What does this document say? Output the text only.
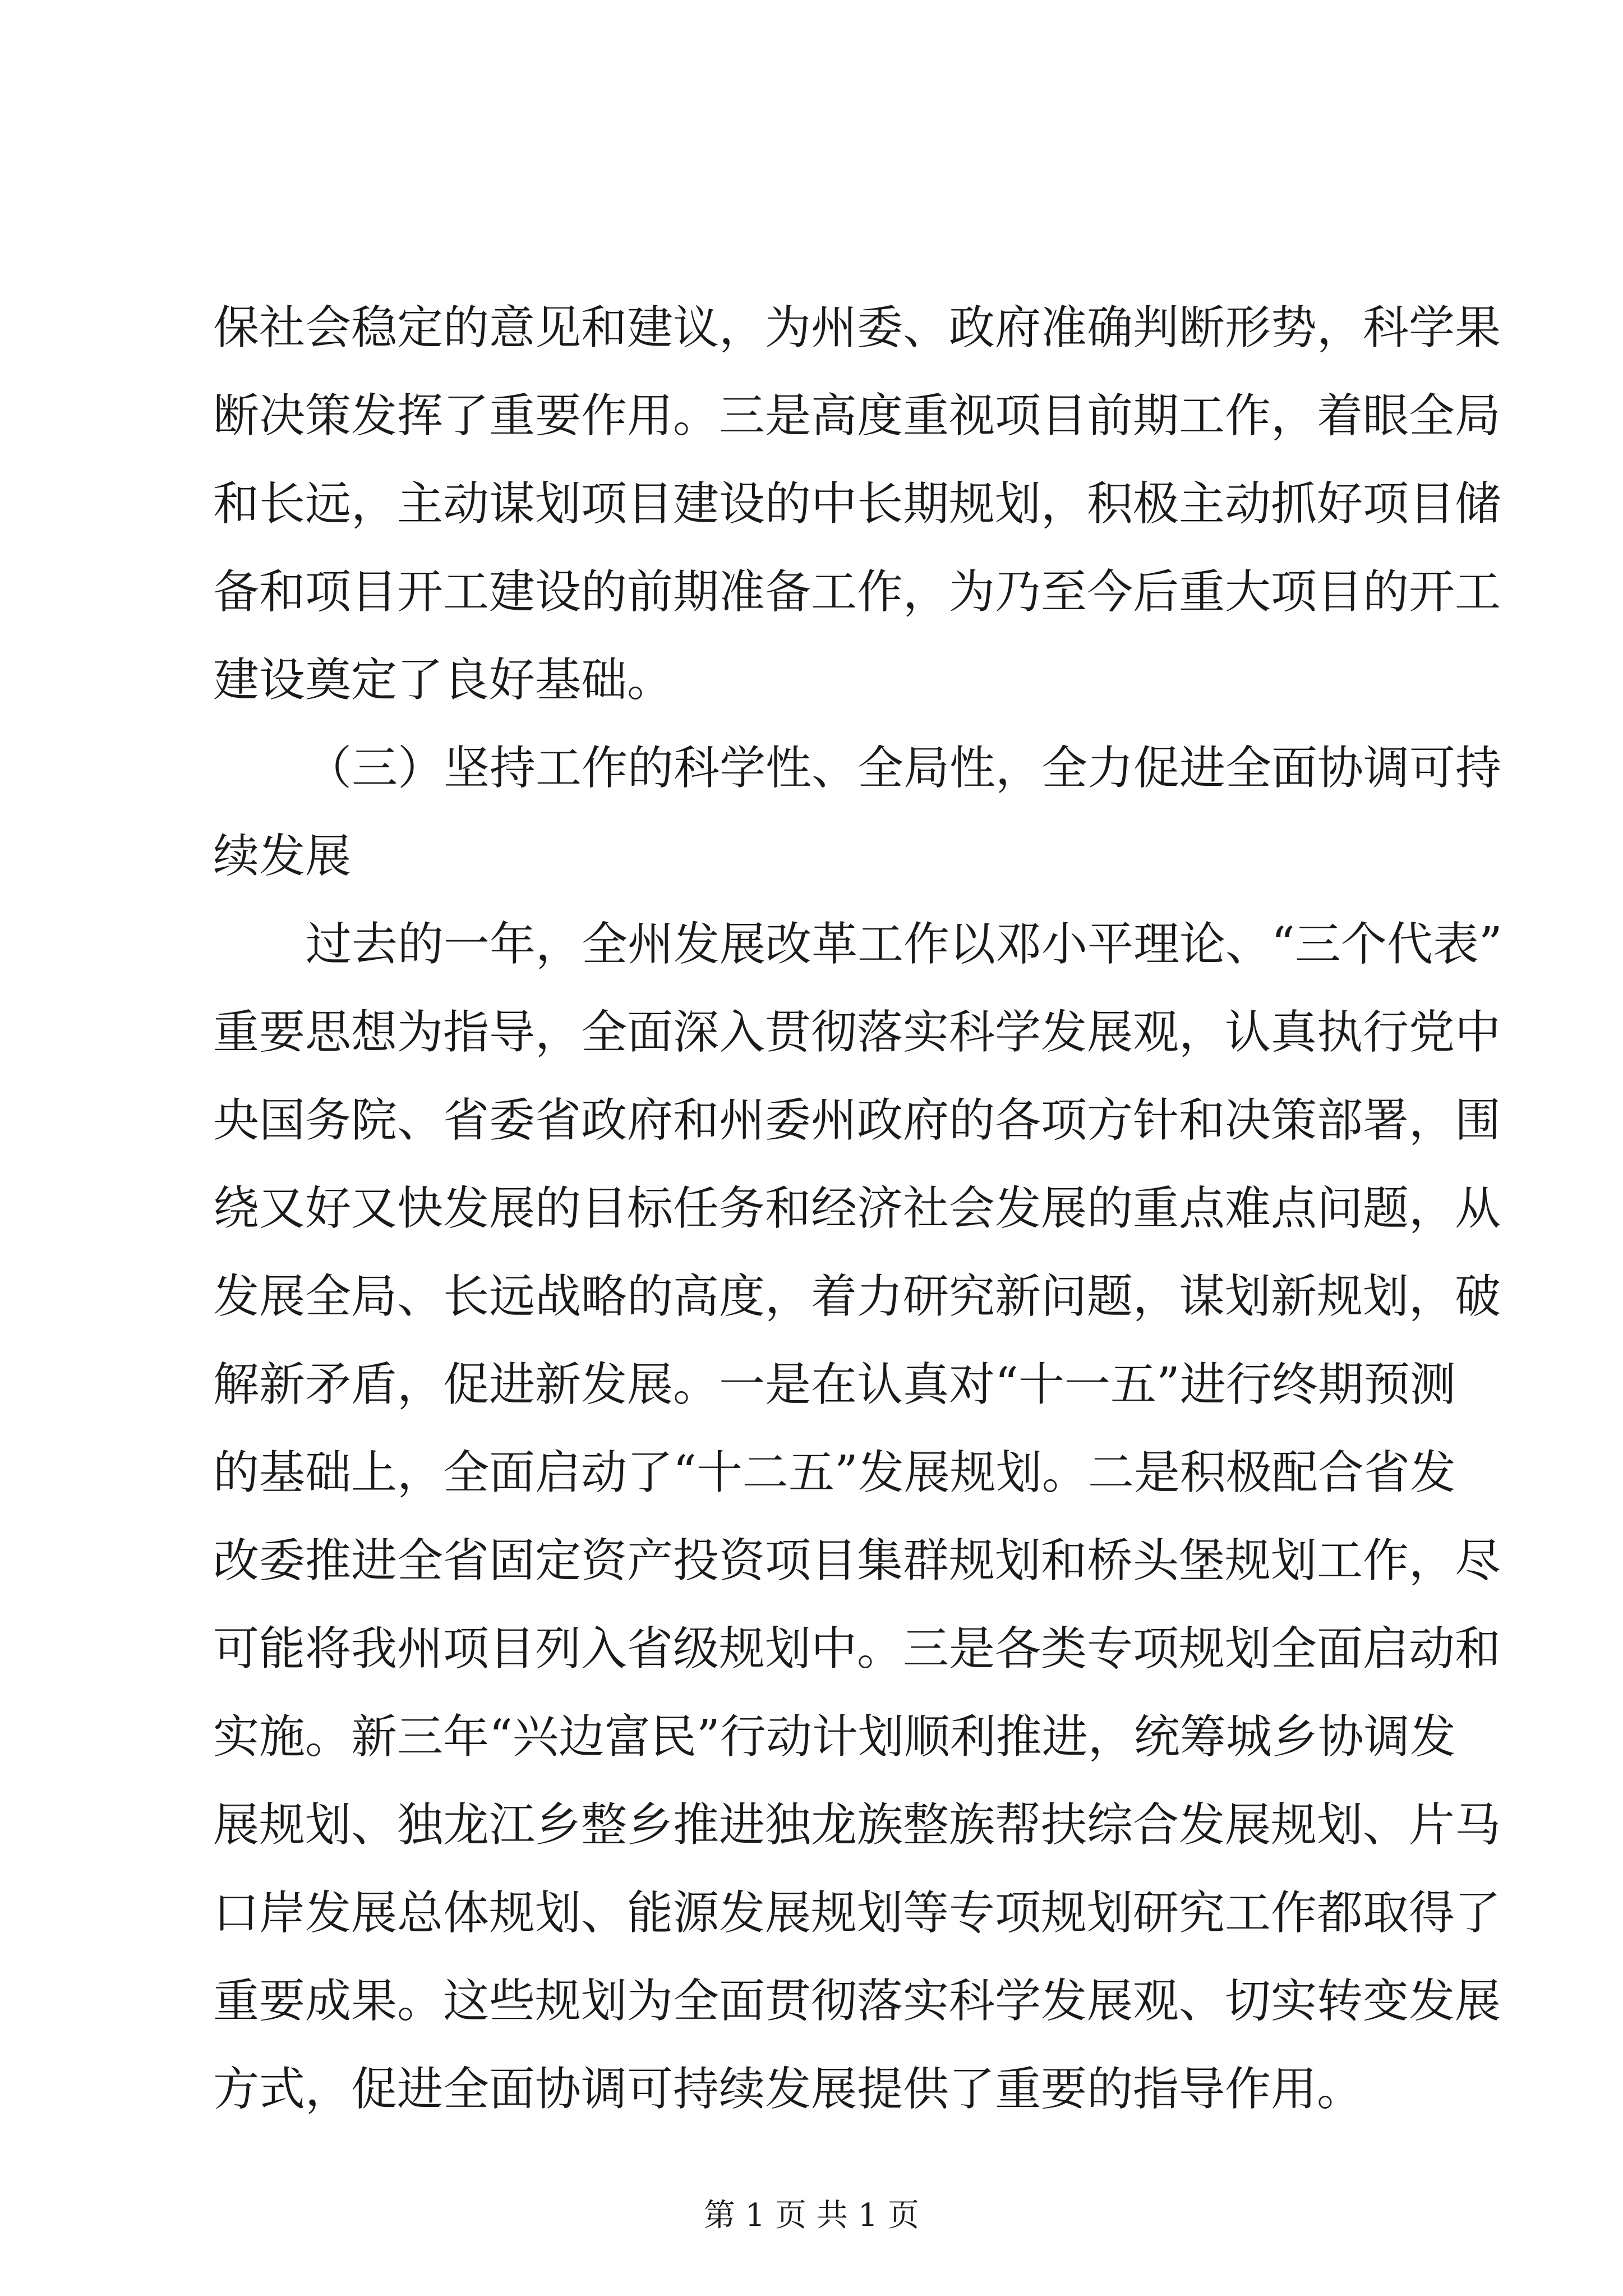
保社会稳定的意见和建议，为州委、政府准确判断形势，科学果
断决策发挥了重要作用。三是高度重视项目前期工作，着眼全局
和长远，主动谋划项目建设的中长期规划，积极主动抓好项目储
备和项目开工建设的前期准备工作，为乃至今后重大项目的开工
建设奠定了良好基础。
（三）坚持工作的科学性、全局性，全力促进全面协调可持
续发展
过去的一年，全州发展改革工作以邓小平理论、“三个代表”
重要思想为指导，全面深入贯彻落实科学发展观，认真执行党中
央国务院、省委省政府和州委州政府的各项方针和决策部署，围
绕又好又快发展的目标任务和经济社会发展的重点难点问题，从
发展全局、长远战略的高度，着力研究新问题，谋划新规划，破
解新矛盾，促进新发展。一是在认真对“十一五”进行终期预测
的基础上，全面启动了“十二五”发展规划。二是积极配合省发
改委推进全省固定资产投资项目集群规划和桥头堡规划工作，尽
可能将我州项目列入省级规划中。三是各类专项规划全面启动和
实施。新三年“兴边富民”行动计划顺利推进，统筹城乡协调发
展规划、独龙江乡整乡推进独龙族整族帮扶综合发展规划、片马
口岸发展总体规划、能源发展规划等专项规划研究工作都取得了
重要成果。这些规划为全面贯彻落实科学发展观、切实转变发展
方式，促进全面协调可持续发展提供了重要的指导作用。
第 1 页 共 1 页
